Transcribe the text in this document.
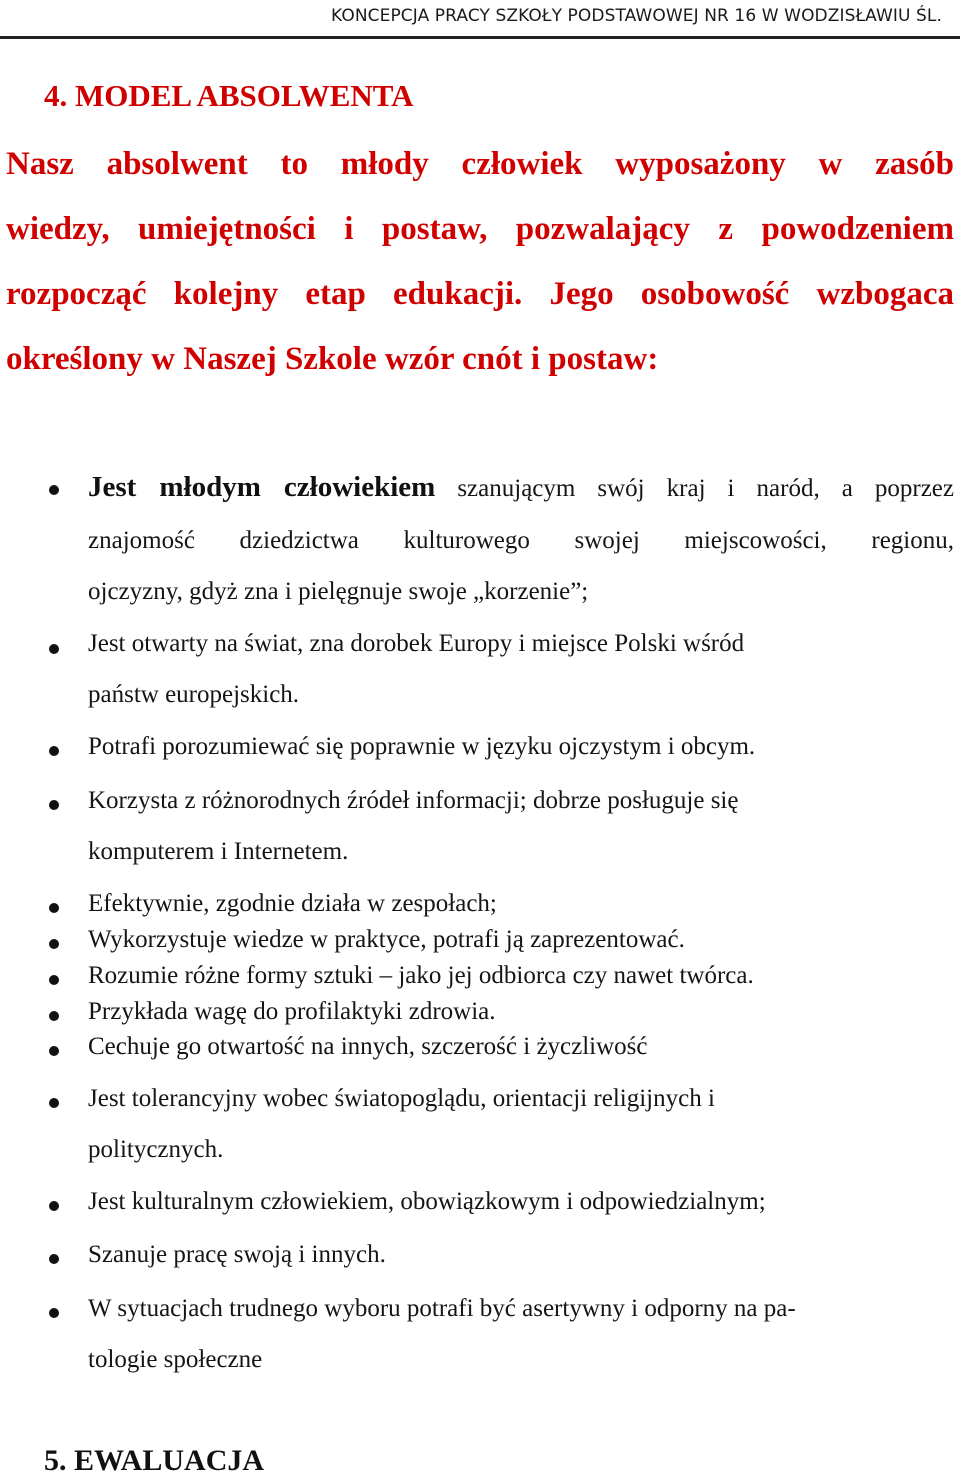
KONCEPCJA PRACY SZKOŁY PODSTAWOWEJ NR 16 W WODZISŁAWIU ŚL.
4. MODEL ABSOLWENTA
Nasz absolwent to młody człowiek wyposażony w zasób
wiedzy, umiejętności i postaw, pozwalający z powodzeniem
rozpocząć kolejny etap edukacji. Jego osobowość wzbogaca
określony w Naszej Szkole wzór cnót i postaw:
Jest młodym człowiekiem szanującym swój kraj i naród, a poprzez
znajomość dziedzictwa kulturowego swojej miejscowości, regionu,
ojczyzny, gdyż zna i pielęgnuje swoje „korzenie”;
Jest otwarty na świat, zna dorobek Europy i miejsce Polski wśród
państw europejskich.
Potrafi porozumiewać się poprawnie w języku ojczystym i obcym.
Korzysta z różnorodnych źródeł informacji; dobrze posługuje się
komputerem i Internetem.
Efektywnie, zgodnie działa w zespołach;
Wykorzystuje wiedze w praktyce, potrafi ją zaprezentować.
Rozumie różne formy sztuki – jako jej odbiorca czy nawet twórca.
Przykłada wagę do profilaktyki zdrowia.
Cechuje go otwartość na innych, szczerość i życzliwość
Jest tolerancyjny wobec światopoglądu, orientacji religijnych i
politycznych.
Jest kulturalnym człowiekiem, obowiązkowym i odpowiedzialnym;
Szanuje pracę swoją i innych.
W sytuacjach trudnego wyboru potrafi być asertywny i odporny na pa-
tologie społeczne
5. EWALUACJA
